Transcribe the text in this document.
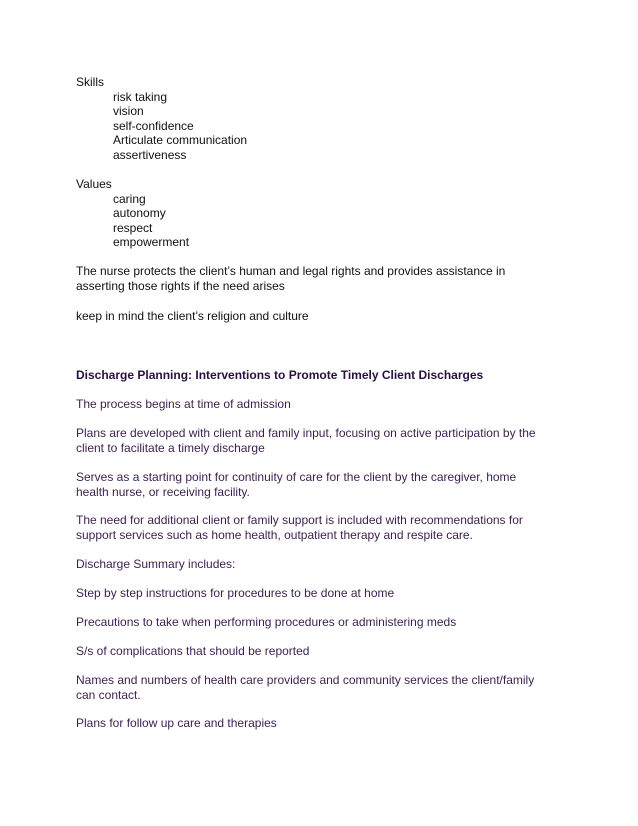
Skills
risk taking
vision
self-confidence
Articulate communication
assertiveness
Values
caring
autonomy
respect
empowerment
The nurse protects the client’s human and legal rights and provides assistance in
asserting those rights if the need arises
keep in mind the client’s religion and culture
Discharge Planning: Interventions to Promote Timely Client Discharges
The process begins at time of admission
Plans are developed with client and family input, focusing on active participation by the
client to facilitate a timely discharge
Serves as a starting point for continuity of care for the client by the caregiver, home
health nurse, or receiving facility.
The need for additional client or family support is included with recommendations for
support services such as home health, outpatient therapy and respite care.
Discharge Summary includes:
Step by step instructions for procedures to be done at home
Precautions to take when performing procedures or administering meds
S/s of complications that should be reported
Names and numbers of health care providers and community services the client/family
can contact.
Plans for follow up care and therapies
